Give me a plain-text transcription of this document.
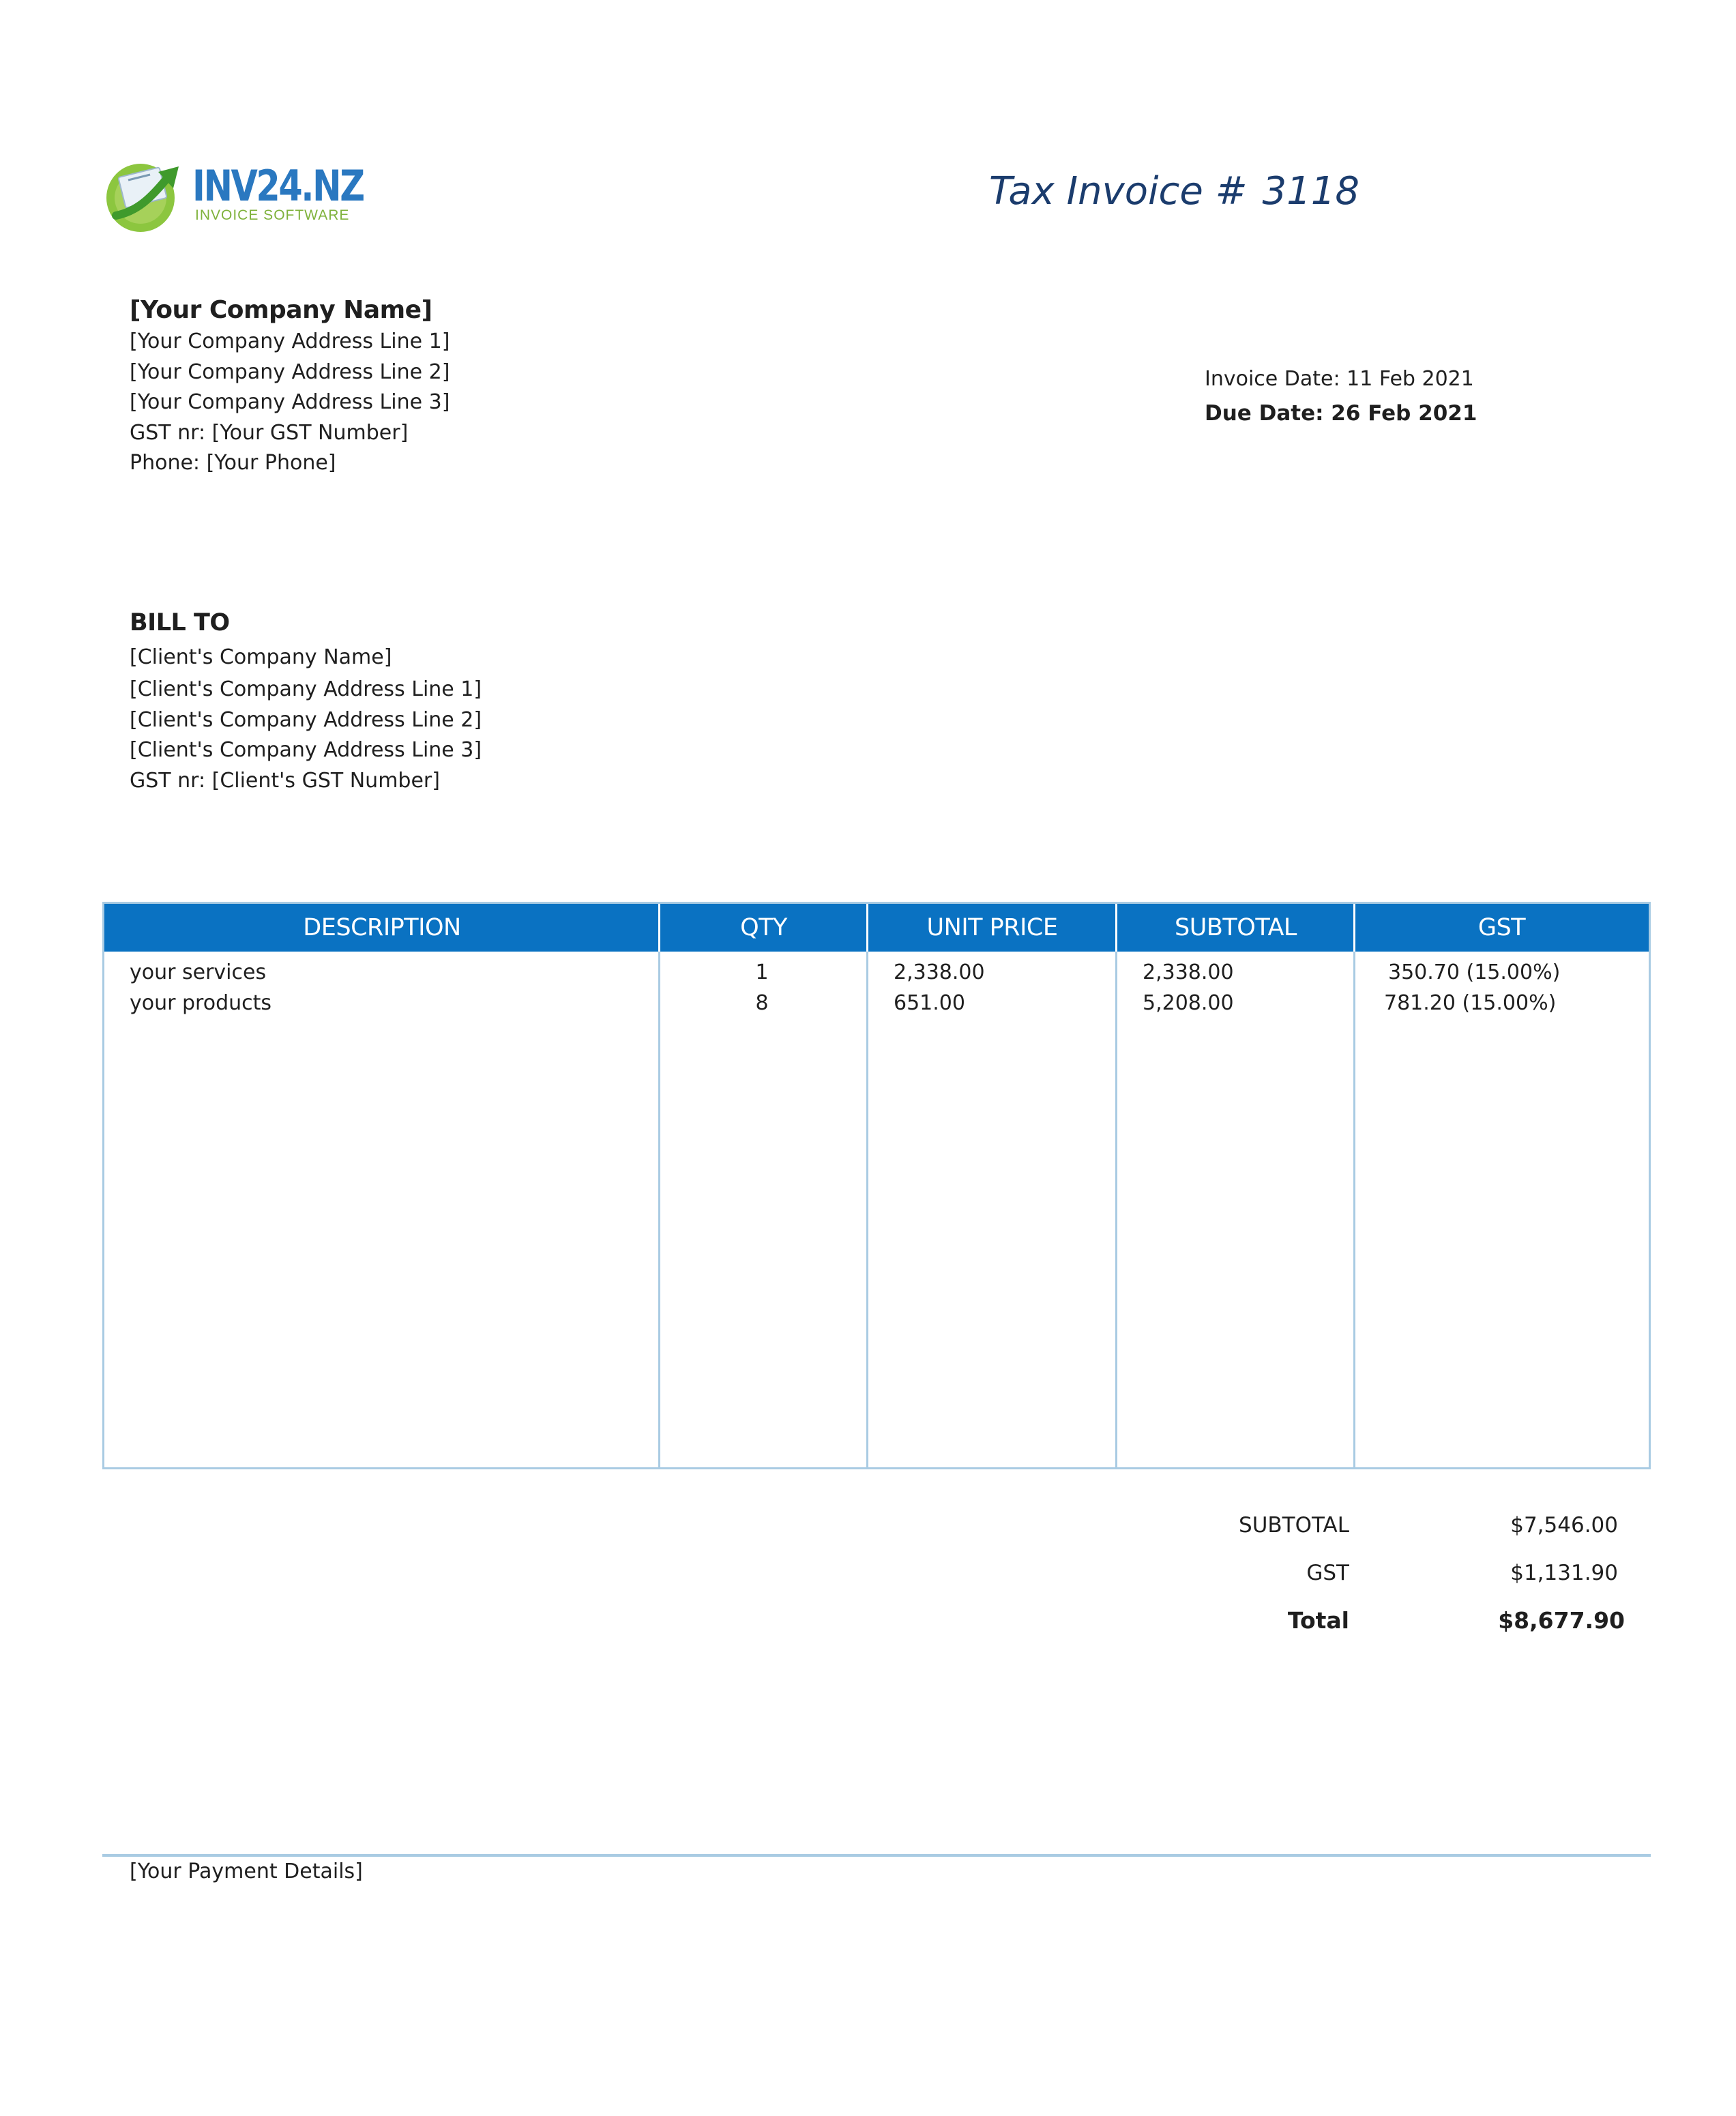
INV24.NZ
INVOICE SOFTWARE
Tax Invoice # 3118
[Your Company Name]
[Your Company Address Line 1]
[Your Company Address Line 2]
[Your Company Address Line 3]
GST nr: [Your GST Number]
Phone: [Your Phone]
Invoice Date: 11 Feb 2021
Due Date: 26 Feb 2021
BILL TO
[Client's Company Name]
[Client's Company Address Line 1]
[Client's Company Address Line 2]
[Client's Company Address Line 3]
GST nr: [Client's GST Number]
DESCRIPTION	QTY	UNIT PRICE	SUBTOTAL	GST
your services	1	2,338.00	2,338.00	350.70 (15.00%)
your products	8	651.00	5,208.00	781.20 (15.00%)
SUBTOTAL	$7,546.00
GST	$1,131.90
Total	$8,677.90
[Your Payment Details]
